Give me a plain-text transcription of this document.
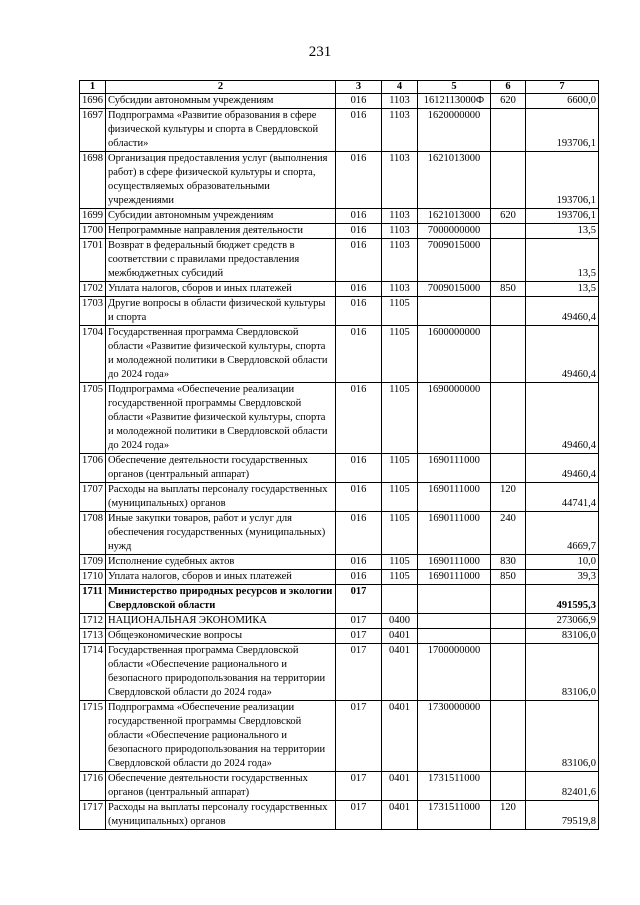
231
1	2	3	4	5	6	7
1696	Субсидии автономным учреждениям	016	1103	1612113000Ф	620	6600,0
1697	Подпрограмма «Развитие образования в сфере физической культуры и спорта в Свердловской области»	016	1103	1620000000		193706,1
1698	Организация предоставления услуг (выполнения работ) в сфере физической культуры и спорта, осуществляемых образовательными учреждениями	016	1103	1621013000		193706,1
1699	Субсидии автономным учреждениям	016	1103	1621013000	620	193706,1
1700	Непрограммные направления деятельности	016	1103	7000000000		13,5
1701	Возврат в федеральный бюджет средств в соответствии с правилами предоставления межбюджетных субсидий	016	1103	7009015000		13,5
1702	Уплата налогов, сборов и иных платежей	016	1103	7009015000	850	13,5
1703	Другие вопросы в области физической культуры и спорта	016	1105			49460,4
1704	Государственная программа Свердловской области «Развитие физической культуры, спорта и молодежной политики в Свердловской области до 2024 года»	016	1105	1600000000		49460,4
1705	Подпрограмма «Обеспечение реализации государственной программы Свердловской области «Развитие физической культуры, спорта и молодежной политики в Свердловской области до 2024 года»	016	1105	1690000000		49460,4
1706	Обеспечение деятельности государственных органов (центральный аппарат)	016	1105	1690111000		49460,4
1707	Расходы на выплаты персоналу государственных (муниципальных) органов	016	1105	1690111000	120	44741,4
1708	Иные закупки товаров, работ и услуг для обеспечения государственных (муниципальных) нужд	016	1105	1690111000	240	4669,7
1709	Исполнение судебных актов	016	1105	1690111000	830	10,0
1710	Уплата налогов, сборов и иных платежей	016	1105	1690111000	850	39,3
1711	Министерство природных ресурсов и экологии Свердловской области	017				491595,3
1712	НАЦИОНАЛЬНАЯ ЭКОНОМИКА	017	0400			273066,9
1713	Общеэкономические вопросы	017	0401			83106,0
1714	Государственная программа Свердловской области «Обеспечение рационального и безопасного природопользования на территории Свердловской области до 2024 года»	017	0401	1700000000		83106,0
1715	Подпрограмма «Обеспечение реализации государственной программы Свердловской области «Обеспечение рационального и безопасного природопользования на территории Свердловской области до 2024 года»	017	0401	1730000000		83106,0
1716	Обеспечение деятельности государственных органов (центральный аппарат)	017	0401	1731511000		82401,6
1717	Расходы на выплаты персоналу государственных (муниципальных) органов	017	0401	1731511000	120	79519,8
